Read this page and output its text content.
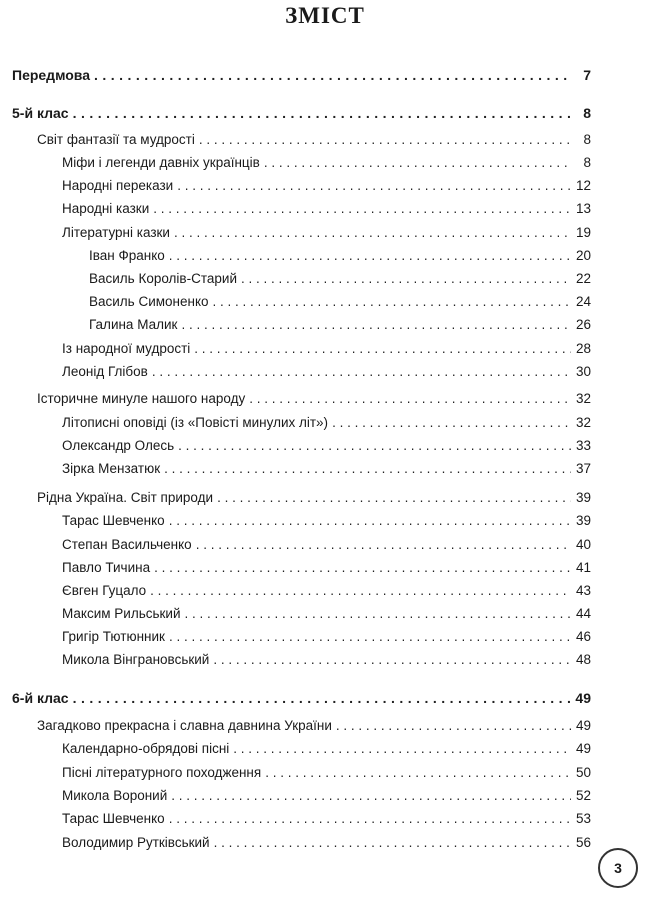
ЗМІСТ
Передмова . . .	7
5-й клас . . .	8
Світ фантазії та мудрості . . .	8
Міфи і легенди давніх українців . . .	8
Народні перекази . . .	12
Народні казки . . .	13
Літературні казки . . .	19
Іван Франко . . .	20
Василь Королів-Старий . . .	22
Василь Симоненко . . .	24
Галина Малик . . .	26
Із народної мудрості . . .	28
Леонід Глібов . . .	30
Історичне минуле нашого народу . . .	32
Літописні оповіді (із «Повісті минулих літ») . . .	32
Олександр Олесь . . .	33
Зірка Мензатюк . . .	37
Рідна Україна. Світ природи . . .	39
Тарас Шевченко . . .	39
Степан Васильченко . . .	40
Павло Тичина . . .	41
Євген Гуцало . . .	43
Максим Рильський . . .	44
Григір Тютюнник . . .	46
Микола Вінграновський . . .	48
6-й клас . . .	49
Загадково прекрасна і славна давнина України . . .	49
Календарно-обрядові пісні . . .	49
Пісні літературного походження . . .	50
Микола Вороний . . .	52
Тарас Шевченко . . .	53
Володимир Рутківський . . .	56
3
